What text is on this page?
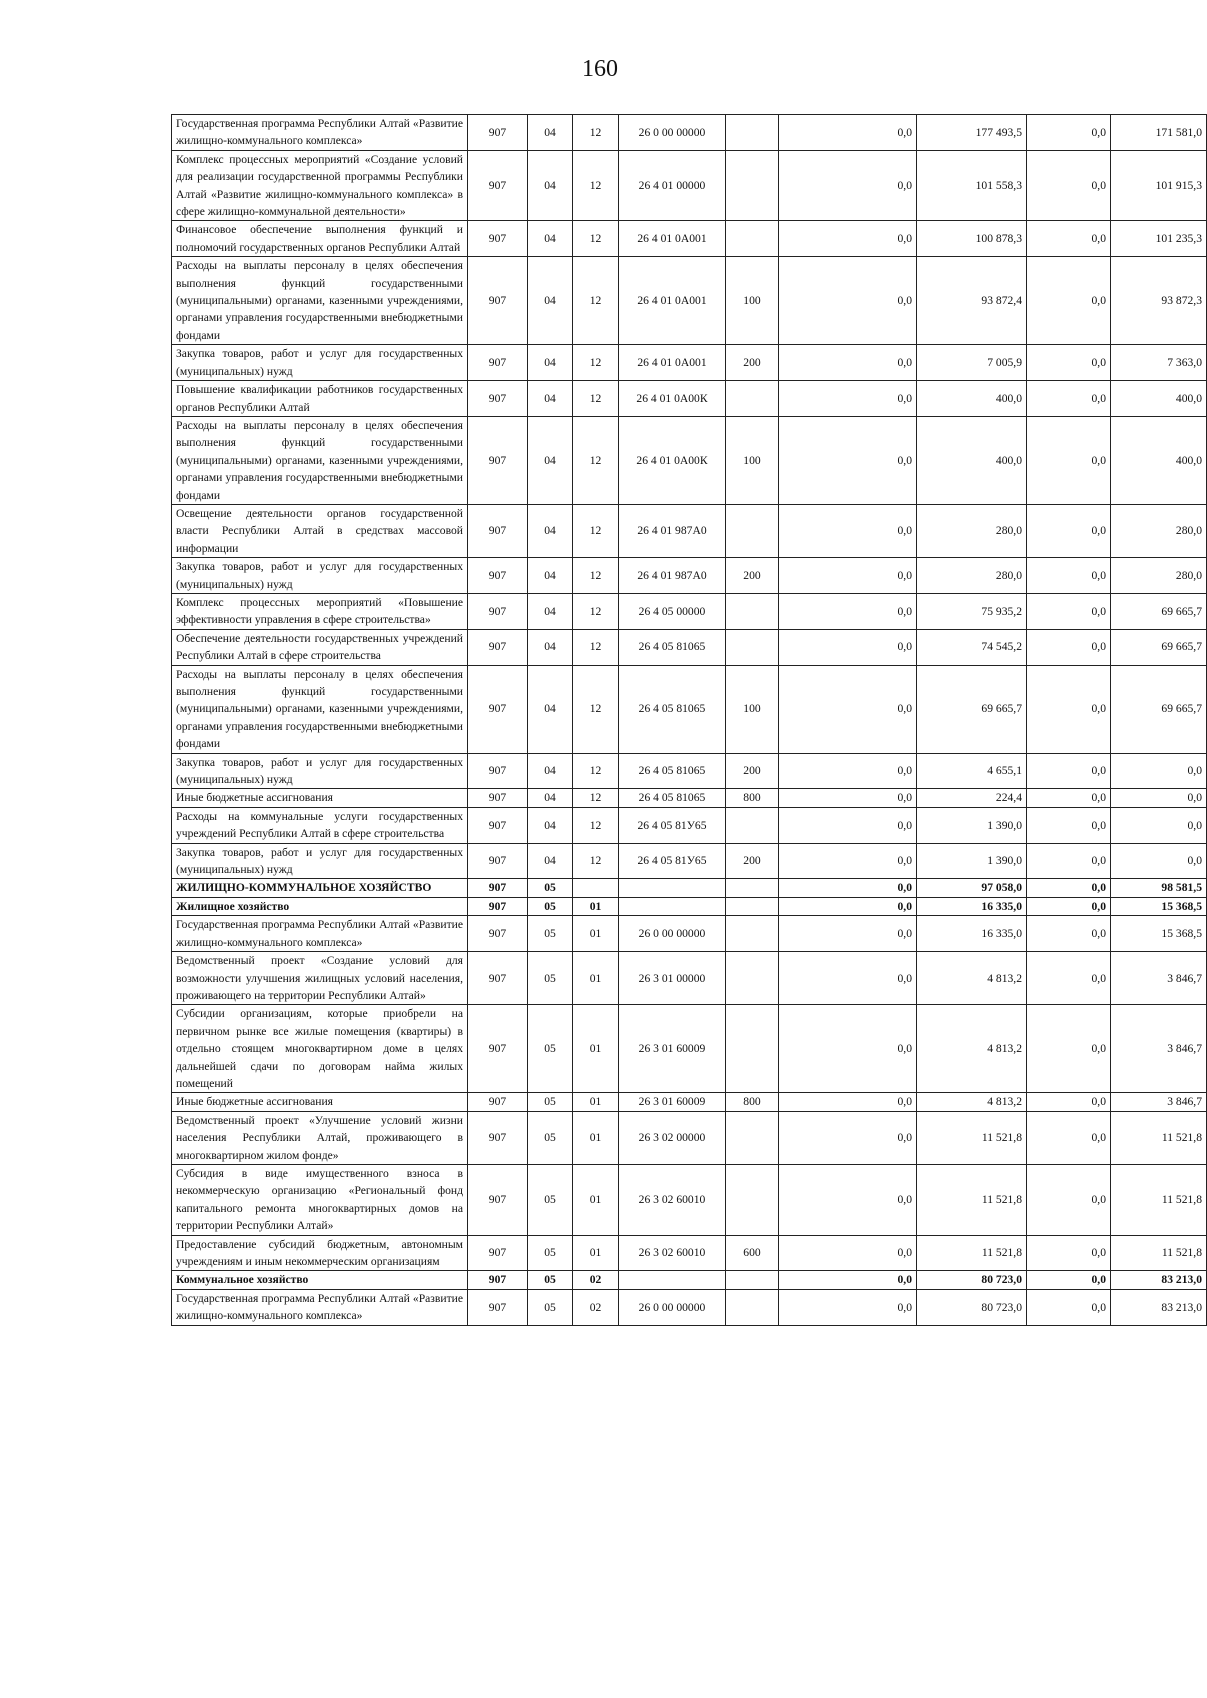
160
Государственная программа Республики Алтай «Развитие жилищно-коммунального комплекса»	907	04	12	26 0 00 00000		0,0	177 493,5	0,0	171 581,0
Комплекс процессных мероприятий «Создание условий для реализации государственной программы Республики Алтай «Развитие жилищно-коммунального комплекса» в сфере жилищно-коммунальной деятельности»	907	04	12	26 4 01 00000		0,0	101 558,3	0,0	101 915,3
Финансовое обеспечение выполнения функций и полномочий государственных органов Республики Алтай	907	04	12	26 4 01 0А001		0,0	100 878,3	0,0	101 235,3
Расходы на выплаты персоналу в целях обеспечения выполнения функций государственными (муниципальными) органами, казенными учреждениями, органами управления государственными внебюджетными фондами	907	04	12	26 4 01 0А001	100	0,0	93 872,4	0,0	93 872,3
Закупка товаров, работ и услуг для государственных (муниципальных) нужд	907	04	12	26 4 01 0А001	200	0,0	7 005,9	0,0	7 363,0
Повышение квалификации работников государственных органов Республики Алтай	907	04	12	26 4 01 0А00К		0,0	400,0	0,0	400,0
Расходы на выплаты персоналу в целях обеспечения выполнения функций государственными (муниципальными) органами, казенными учреждениями, органами управления государственными внебюджетными фондами	907	04	12	26 4 01 0А00К	100	0,0	400,0	0,0	400,0
Освещение деятельности органов государственной власти Республики Алтай в средствах массовой информации	907	04	12	26 4 01 987А0		0,0	280,0	0,0	280,0
Закупка товаров, работ и услуг для государственных (муниципальных) нужд	907	04	12	26 4 01 987А0	200	0,0	280,0	0,0	280,0
Комплекс процессных мероприятий «Повышение эффективности управления в сфере строительства»	907	04	12	26 4 05 00000		0,0	75 935,2	0,0	69 665,7
Обеспечение деятельности государственных учреждений Республики Алтай в сфере строительства	907	04	12	26 4 05 81065		0,0	74 545,2	0,0	69 665,7
Расходы на выплаты персоналу в целях обеспечения выполнения функций государственными (муниципальными) органами, казенными учреждениями, органами управления государственными внебюджетными фондами	907	04	12	26 4 05 81065	100	0,0	69 665,7	0,0	69 665,7
Закупка товаров, работ и услуг для государственных (муниципальных) нужд	907	04	12	26 4 05 81065	200	0,0	4 655,1	0,0	0,0
Иные бюджетные ассигнования	907	04	12	26 4 05 81065	800	0,0	224,4	0,0	0,0
Расходы на коммунальные услуги государственных учреждений Республики Алтай в сфере строительства	907	04	12	26 4 05 81У65		0,0	1 390,0	0,0	0,0
Закупка товаров, работ и услуг для государственных (муниципальных) нужд	907	04	12	26 4 05 81У65	200	0,0	1 390,0	0,0	0,0
ЖИЛИЩНО-КОММУНАЛЬНОЕ ХОЗЯЙСТВО	907	05				0,0	97 058,0	0,0	98 581,5
Жилищное хозяйство	907	05	01			0,0	16 335,0	0,0	15 368,5
Государственная программа Республики Алтай «Развитие жилищно-коммунального комплекса»	907	05	01	26 0 00 00000		0,0	16 335,0	0,0	15 368,5
Ведомственный проект «Создание условий для возможности улучшения жилищных условий населения, проживающего на территории Республики Алтай»	907	05	01	26 3 01 00000		0,0	4 813,2	0,0	3 846,7
Субсидии организациям, которые приобрели на первичном рынке все жилые помещения (квартиры) в отдельно стоящем многоквартирном доме в целях дальнейшей сдачи по договорам найма жилых помещений	907	05	01	26 3 01 60009		0,0	4 813,2	0,0	3 846,7
Иные бюджетные ассигнования	907	05	01	26 3 01 60009	800	0,0	4 813,2	0,0	3 846,7
Ведомственный проект «Улучшение условий жизни населения Республики Алтай, проживающего в многоквартирном жилом фонде»	907	05	01	26 3 02 00000		0,0	11 521,8	0,0	11 521,8
Субсидия в виде имущественного взноса в некоммерческую организацию «Региональный фонд капитального ремонта многоквартирных домов на территории Республики Алтай»	907	05	01	26 3 02 60010		0,0	11 521,8	0,0	11 521,8
Предоставление субсидий бюджетным, автономным учреждениям и иным некоммерческим организациям	907	05	01	26 3 02 60010	600	0,0	11 521,8	0,0	11 521,8
Коммунальное хозяйство	907	05	02			0,0	80 723,0	0,0	83 213,0
Государственная программа Республики Алтай «Развитие жилищно-коммунального комплекса»	907	05	02	26 0 00 00000		0,0	80 723,0	0,0	83 213,0
